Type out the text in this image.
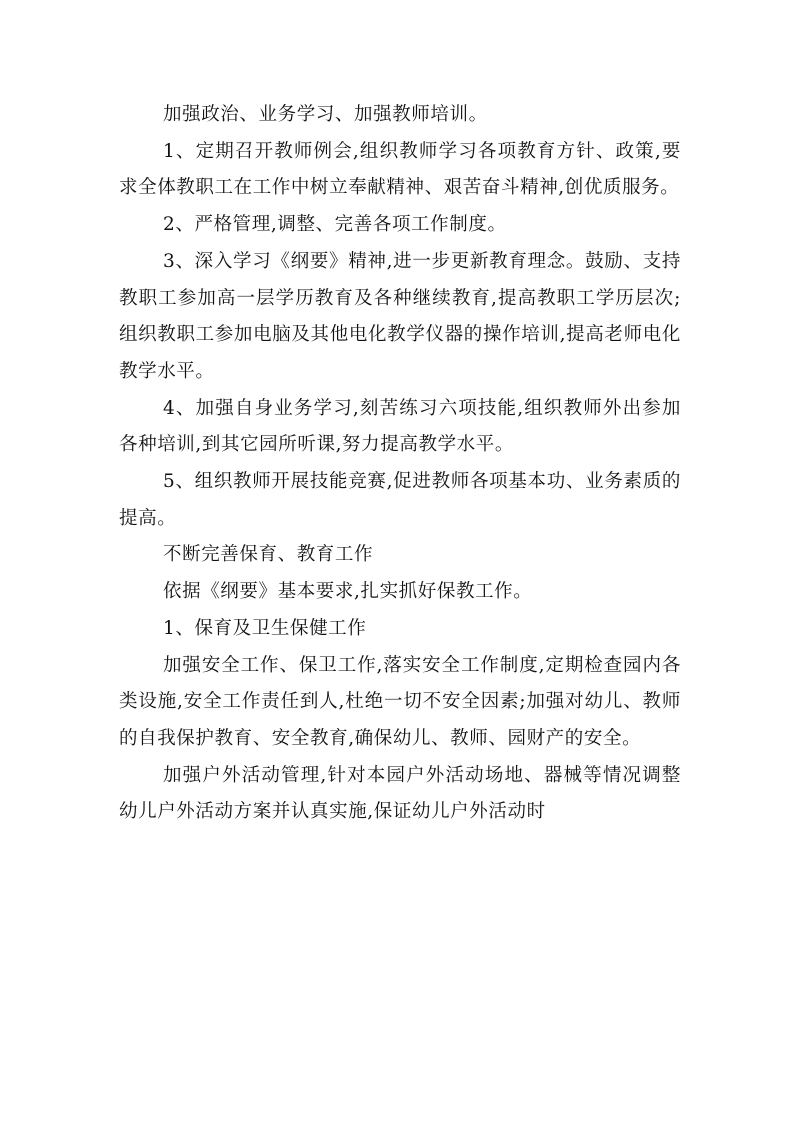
加强政治、业务学习、加强教师培训。

1、定期召开教师例会,组织教师学习各项教育方针、政策,要求全体教职工在工作中树立奉献精神、艰苦奋斗精神,创优质服务。

2、严格管理,调整、完善各项工作制度。

3、深入学习《纲要》精神,进一步更新教育理念。鼓励、支持教职工参加高一层学历教育及各种继续教育,提高教职工学历层次;组织教职工参加电脑及其他电化教学仪器的操作培训,提高老师电化教学水平。

4、加强自身业务学习,刻苦练习六项技能,组织教师外出参加各种培训,到其它园所听课,努力提高教学水平。

5、组织教师开展技能竞赛,促进教师各项基本功、业务素质的提高。

不断完善保育、教育工作

依据《纲要》基本要求,扎实抓好保教工作。

1、保育及卫生保健工作

加强安全工作、保卫工作,落实安全工作制度,定期检查园内各类设施,安全工作责任到人,杜绝一切不安全因素;加强对幼儿、教师的自我保护教育、安全教育,确保幼儿、教师、园财产的安全。

加强户外活动管理,针对本园户外活动场地、器械等情况调整幼儿户外活动方案并认真实施,保证幼儿户外活动时
